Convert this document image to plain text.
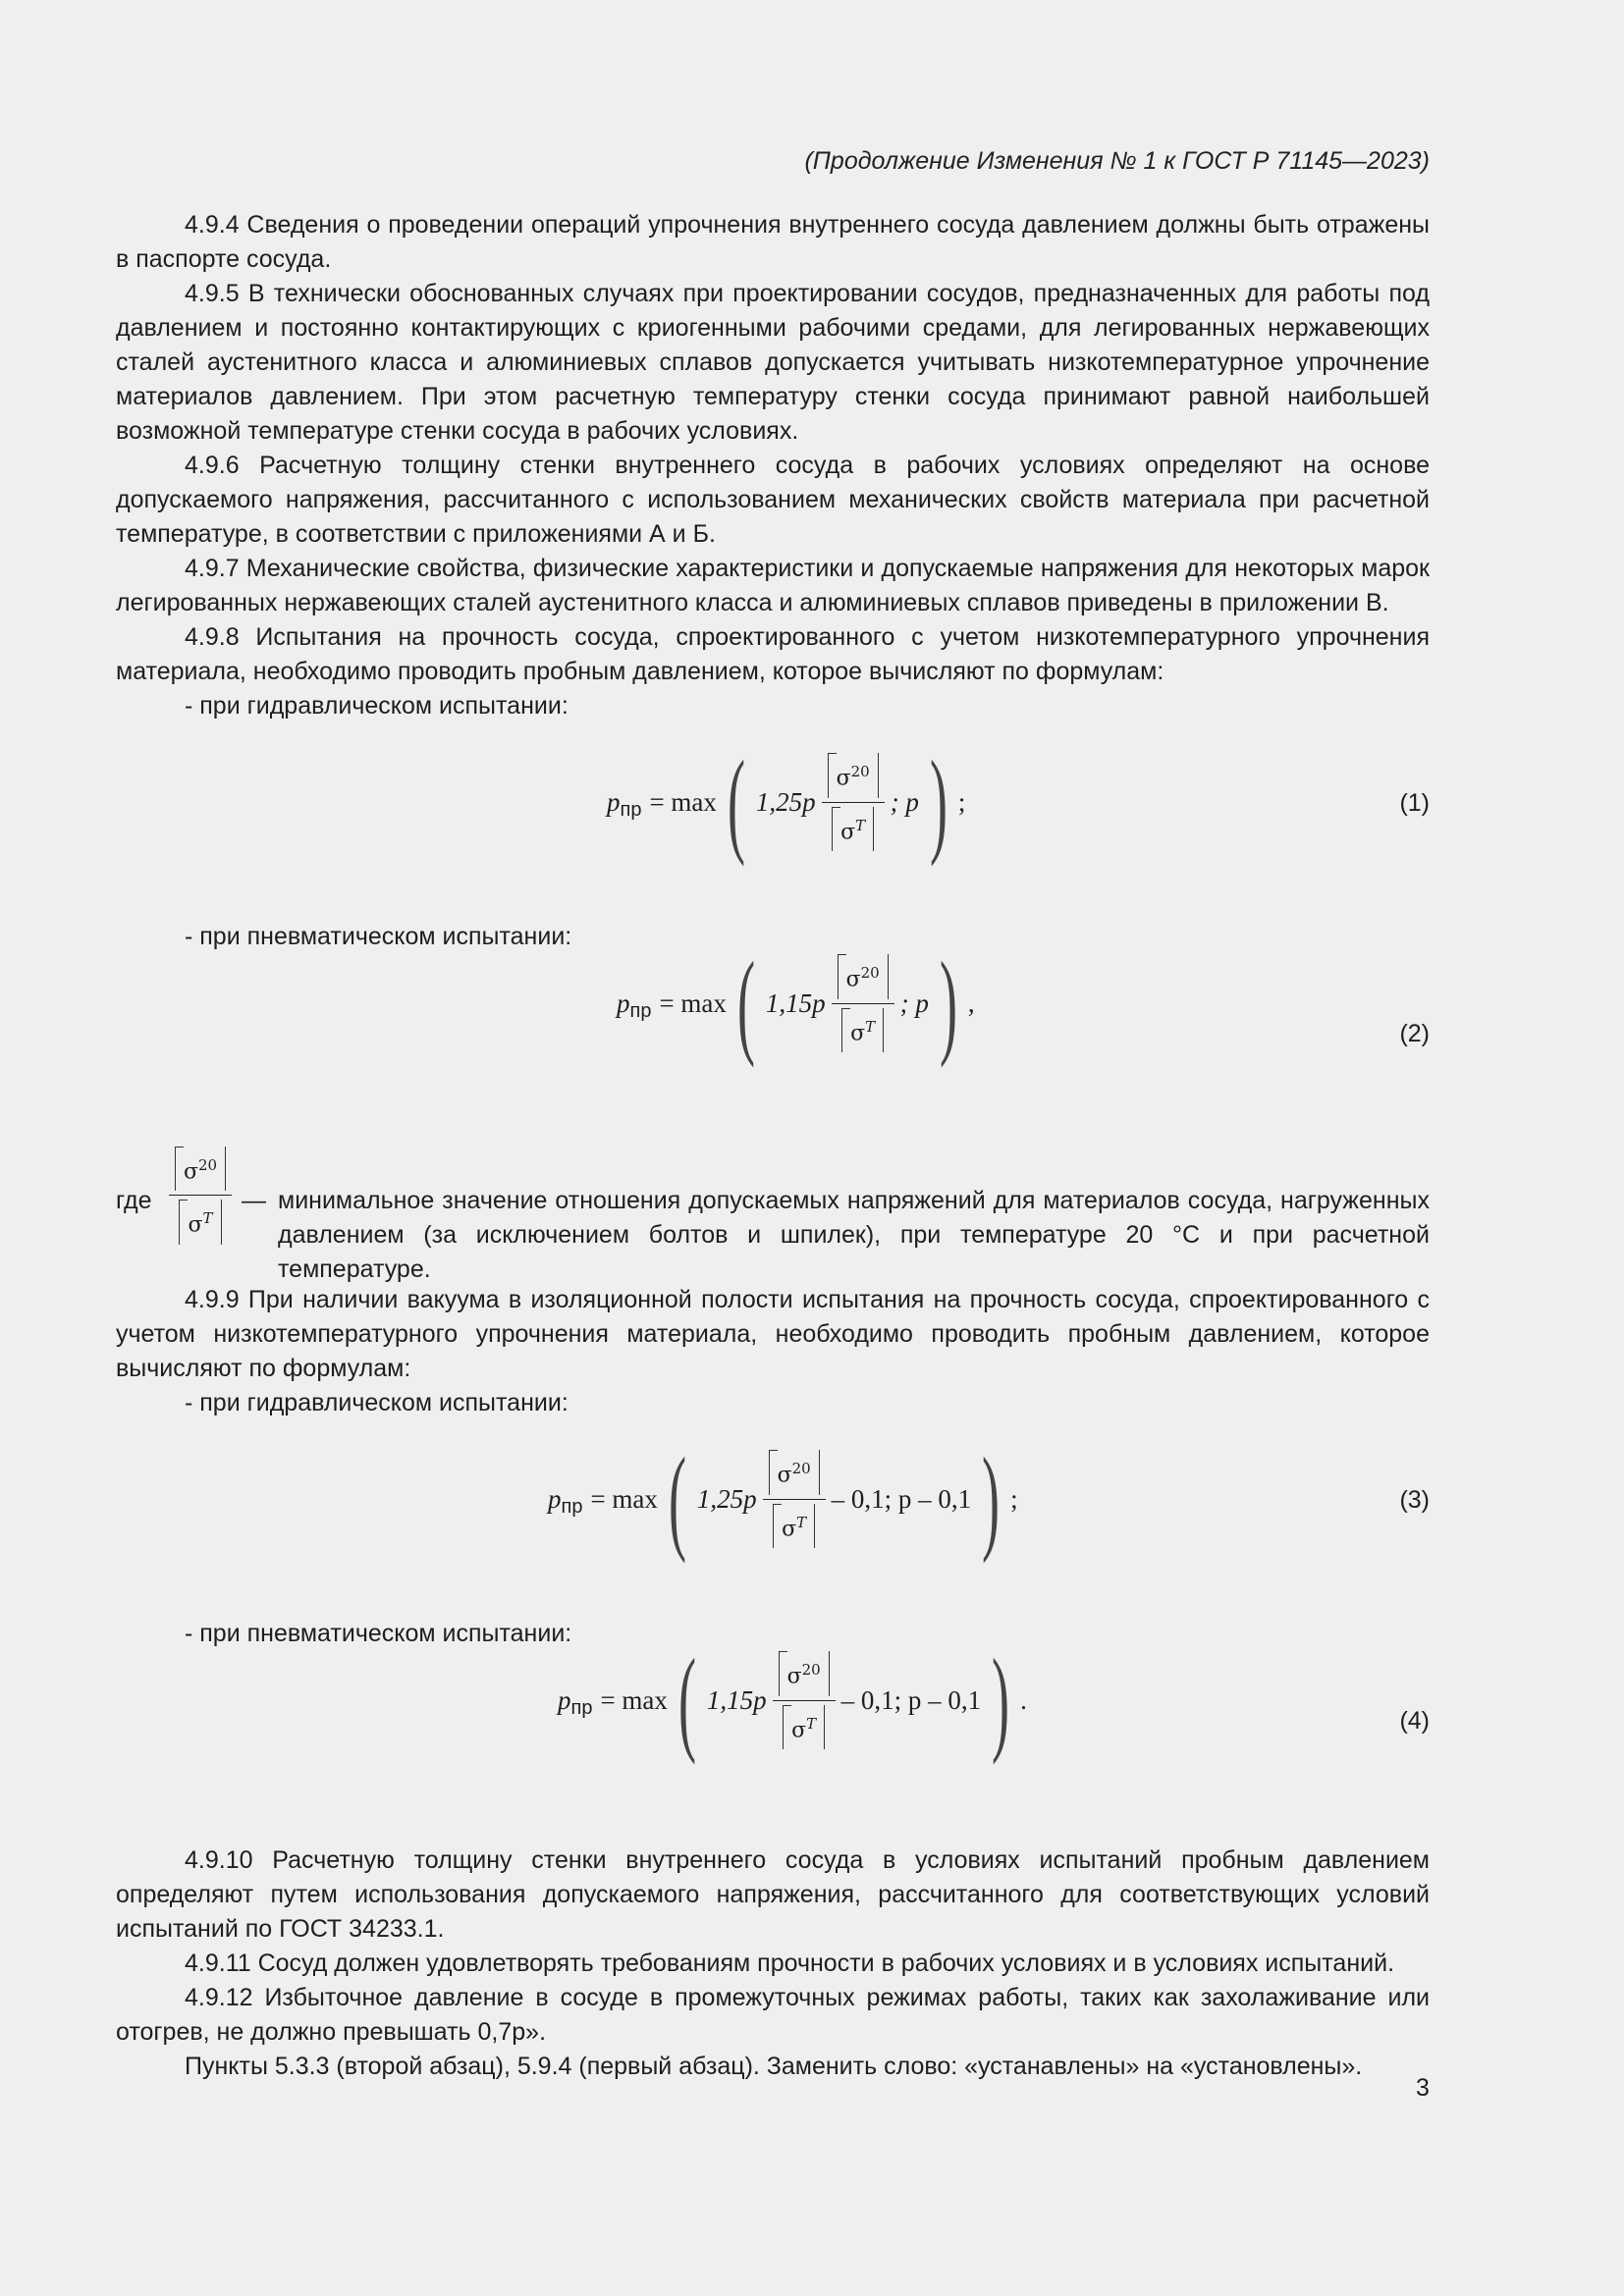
(Продолжение Изменения № 1 к ГОСТ Р 71145—2023)

4.9.4 Сведения о проведении операций упрочнения внутреннего сосуда давлением должны быть отражены в паспорте сосуда.

4.9.5 В технически обоснованных случаях при проектировании сосудов, предназначенных для работы под давлением и постоянно контактирующих с криогенными рабочими средами, для легированных нержавеющих сталей аустенитного класса и алюминиевых сплавов допускается учитывать низкотемпературное упрочнение материалов давлением. При этом расчетную температуру стенки сосуда принимают равной наибольшей возможной температуре стенки сосуда в рабочих условиях.

4.9.6 Расчетную толщину стенки внутреннего сосуда в рабочих условиях определяют на основе допускаемого напряжения, рассчитанного с использованием механических свойств материала при расчетной температуре, в соответствии с приложениями А и Б.

4.9.7 Механические свойства, физические характеристики и допускаемые напряжения для некоторых марок легированных нержавеющих сталей аустенитного класса и алюминиевых сплавов приведены в приложении В.

4.9.8 Испытания на прочность сосуда, спроектированного с учетом низкотемпературного упрочнения материала, необходимо проводить пробным давлением, которое вычисляют по формулам:

- при гидравлическом испытании:

p пр = max ( $1,25p \frac{\sigma^{20}}{\sigma^T}$ ; p ) ;	(1)

- при пневматическом испытании:

p пр = max ( $1,15p \frac{\sigma^{20}}{\sigma^T}$ ; p ) ,
(2)
где $\frac{\sigma^{20}}{\sigma^T}$ — минимальное значение отношения допускаемых напряжений для материалов сосуда, нагруженных давлением (за исключением болтов и шпилек), при температуре 20 °С и при расчетной температуре.

4.9.9 При наличии вакуума в изоляционной полости испытания на прочность сосуда, спроектированного с учетом низкотемпературного упрочнения материала, необходимо проводить пробным давлением, которое вычисляют по формулам:

- при гидравлическом испытании:

p пр = max ( $1,25p \frac{\sigma^{20}}{\sigma^T} - 0,1$; p – 0,1 ) ;	(3)

- при пневматическом испытании:

p пр = max ( $1,15p \frac{\sigma^{20}}{\sigma^T} - 0,1$; p – 0,1 ) .
(4)

4.9.10 Расчетную толщину стенки внутреннего сосуда в условиях испытаний пробным давлением определяют путем использования допускаемого напряжения, рассчитанного для соответствующих условий испытаний по ГОСТ 34233.1.

4.9.11 Сосуд должен удовлетворять требованиям прочности в рабочих условиях и в условиях испытаний.

4.9.12 Избыточное давление в сосуде в промежуточных режимах работы, таких как захолаживание или отогрев, не должно превышать 0,7p».

Пункты 5.3.3 (второй абзац), 5.9.4 (первый абзац). Заменить слово: «устанавлены» на «установлены».

3
